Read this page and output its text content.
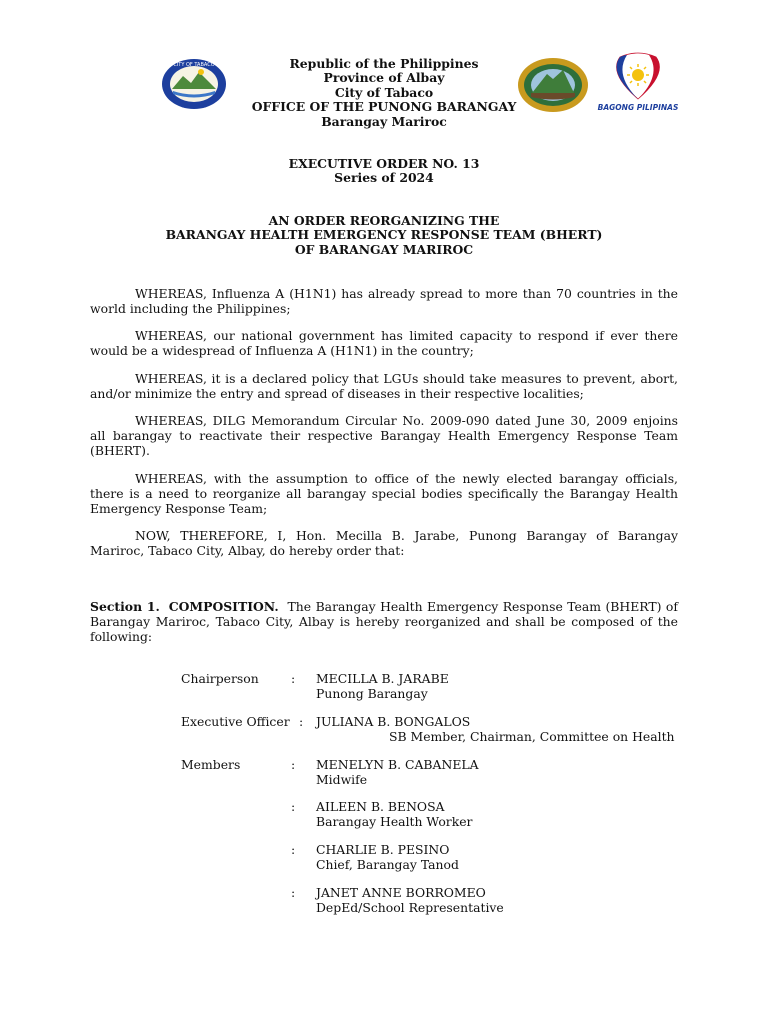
CITY OF TABACO	Republic of the Philippines
Province of Albay
City of Tabaco
OFFICE OF THE PUNONG BARANGAY
Barangay Mariroc
BAGONG PILIPINAS
EXECUTIVE ORDER NO. 13
Series of 2024
AN ORDER REORGANIZING THE
BARANGAY HEALTH EMERGENCY RESPONSE TEAM (BHERT)
OF BARANGAY MARIROC

WHEREAS, Influenza A (H1N1) has already spread to more than 70 countries in the world including the Philippines;

WHEREAS, our national government has limited capacity to respond if ever there would be a widespread of Influenza A (H1N1) in the country;

WHEREAS, it is a declared policy that LGUs should take measures to prevent, abort, and/or minimize the entry and spread of diseases in their respective localities;

WHEREAS, DILG Memorandum Circular No. 2009-090 dated June 30, 2009 enjoins all barangay to reactivate their respective Barangay Health Emergency Response Team (BHERT).

WHEREAS, with the assumption to office of the newly elected barangay officials, there is a need to reorganize all barangay special bodies specifically the Barangay Health Emergency Response Team;

NOW, THEREFORE, I, Hon. Mecilla B. Jarabe, Punong Barangay of Barangay Mariroc, Tabaco City, Albay, do hereby order that:

Section 1. COMPOSITION. The Barangay Health Emergency Response Team (BHERT) of Barangay Mariroc, Tabaco City, Albay is hereby reorganized and shall be composed of the following:

Chairperson	: MECILLA B. JARABE
Punong Barangay
Executive Officer : JULIANA B. BONGALOS
SB Member, Chairman, Committee on Health
Members	: MENELYN B. CABANELA
Midwife
: AILEEN B. BENOSA
Barangay Health Worker
: CHARLIE B. PESINO
Chief, Barangay Tanod
: JANET ANNE BORROMEO
DepEd/School Representative
